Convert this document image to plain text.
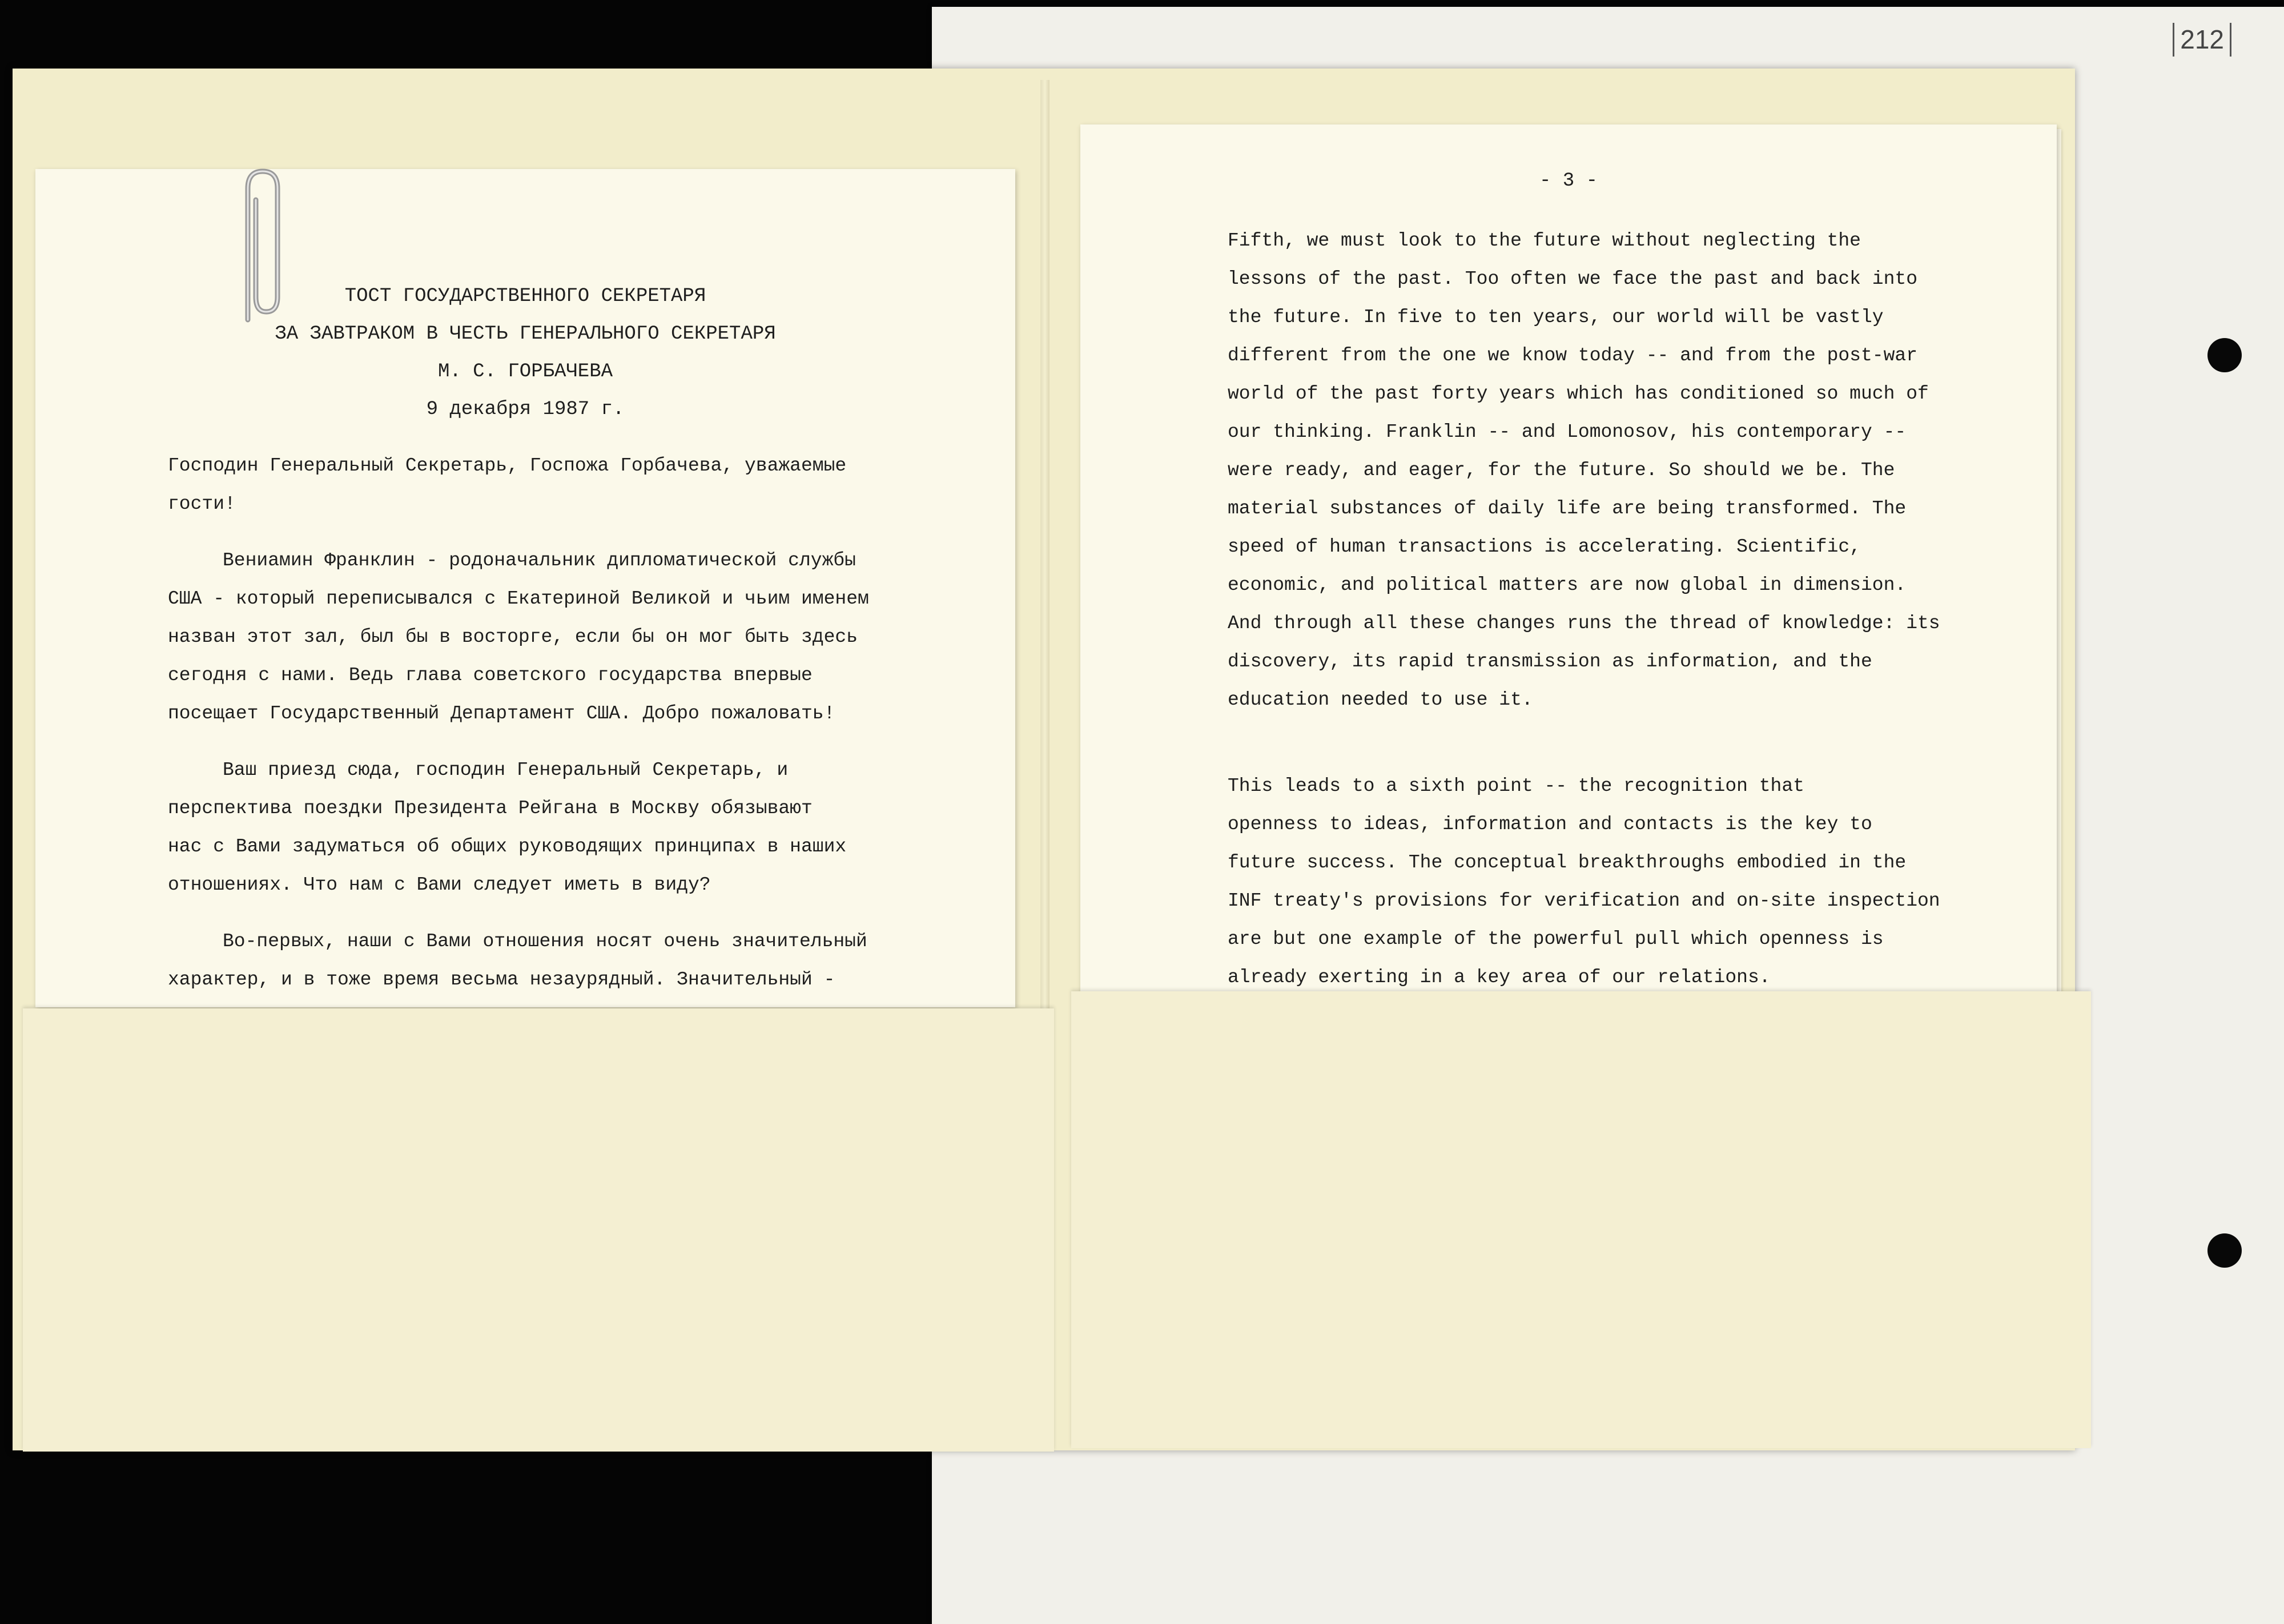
212
- 3 -

Fifth, we must look to the future without neglecting the
lessons of the past. Too often we face the past and back into
the future. In five to ten years, our world will be vastly
different from the one we know today -- and from the post-war
world of the past forty years which has conditioned so much of
our thinking. Franklin -- and Lomonosov, his contemporary --
were ready, and eager, for the future. So should we be. The
material substances of daily life are being transformed. The
speed of human transactions is accelerating. Scientific,
economic, and political matters are now global in dimension.
And through all these changes runs the thread of knowledge: its
discovery, its rapid transmission as information, and the
education needed to use it.

This leads to a sixth point -- the recognition that
openness to ideas, information and contacts is the key to
future success. The conceptual breakthroughs embodied in the
INF treaty's provisions for verification and on-site inspection
are but one example of the powerful pull which openness is
already exerting in a key area of our relations.

ТОСТ ГОСУДАРСТВЕННОГО СЕКРЕТАРЯ
ЗА ЗАВТРАКОМ В ЧЕСТЬ ГЕНЕРАЛЬНОГО СЕКРЕТАРЯ
М. С. ГОРБАЧЕВА
9 декабря 1987 г.

Господин Генеральный Секретарь, Госпожа Горбачева, уважаемые
гости!

Вениамин Франклин - родоначальник дипломатической службы
США - который переписывался с Екатериной Великой и чьим именем
назван этот зал, был бы в восторге, если бы он мог быть здесь
сегодня с нами. Ведь глава советского государства впервые
посещает Государственный Департамент США. Добро пожаловать!

Ваш приезд сюда, господин Генеральный Секретарь, и
перспектива поездки Президента Рейгана в Москву обязывают
нас с Вами задуматься об общих руководящих принципах в наших
отношениях. Что нам с Вами следует иметь в виду?

Во-первых, наши с Вами отношения носят очень значительный
характер, и в тоже время весьма незаурядный. Значительный -
